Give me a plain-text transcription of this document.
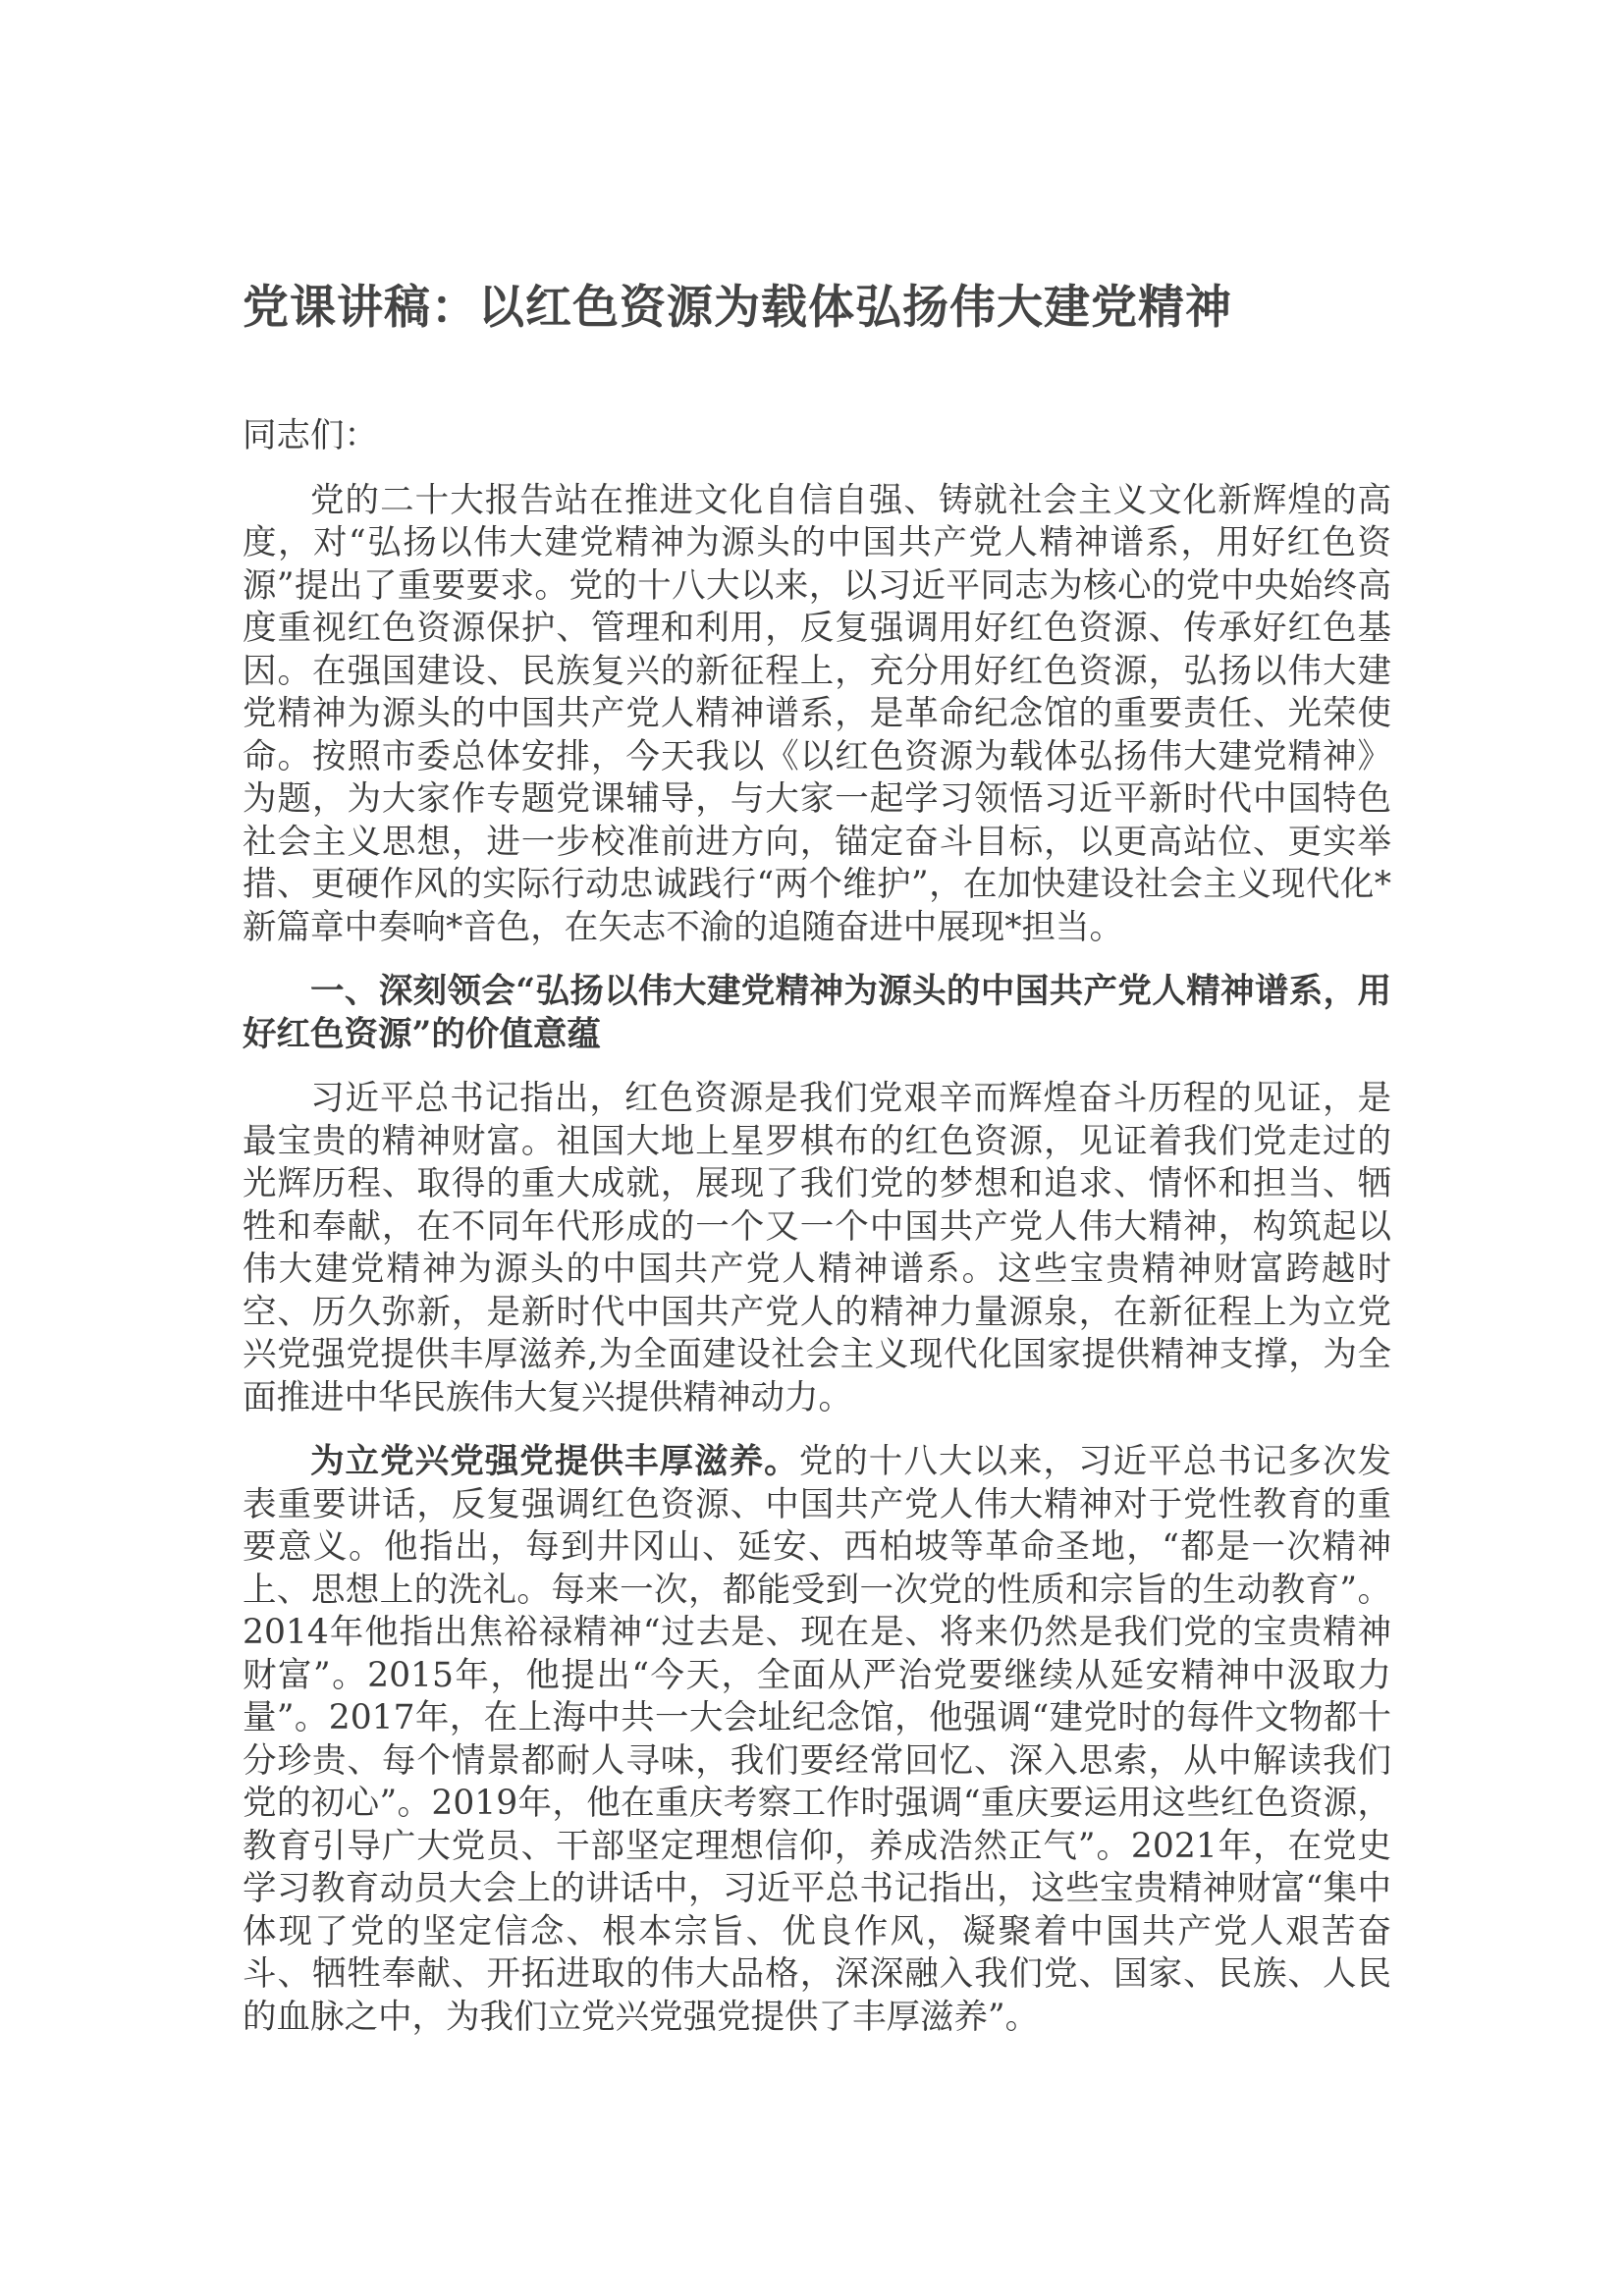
党课讲稿：以红色资源为载体弘扬伟大建党精神

同志们：

党的二十大报告站在推进文化自信自强、铸就社会主义文化新辉煌的高度，对“弘扬以伟大建党精神为源头的中国共产党人精神谱系，用好红色资源”提出了重要要求。党的十八大以来，以习近平同志为核心的党中央始终高度重视红色资源保护、管理和利用，反复强调用好红色资源、传承好红色基因。在强国建设、民族复兴的新征程上，充分用好红色资源，弘扬以伟大建党精神为源头的中国共产党人精神谱系，是革命纪念馆的重要责任、光荣使命。按照市委总体安排，今天我以《以红色资源为载体弘扬伟大建党精神》为题，为大家作专题党课辅导，与大家一起学习领悟习近平新时代中国特色社会主义思想，进一步校准前进方向，锚定奋斗目标，以更高站位、更实举措、更硬作风的实际行动忠诚践行“两个维护”，在加快建设社会主义现代化*新篇章中奏响*音色，在矢志不渝的追随奋进中展现*担当。

一、深刻领会“弘扬以伟大建党精神为源头的中国共产党人精神谱系，用好红色资源”的价值意蕴

习近平总书记指出，红色资源是我们党艰辛而辉煌奋斗历程的见证，是最宝贵的精神财富。祖国大地上星罗棋布的红色资源，见证着我们党走过的光辉历程、取得的重大成就，展现了我们党的梦想和追求、情怀和担当、牺牲和奉献，在不同年代形成的一个又一个中国共产党人伟大精神，构筑起以伟大建党精神为源头的中国共产党人精神谱系。这些宝贵精神财富跨越时空、历久弥新，是新时代中国共产党人的精神力量源泉，在新征程上为立党兴党强党提供丰厚滋养,为全面建设社会主义现代化国家提供精神支撑，为全面推进中华民族伟大复兴提供精神动力。

为立党兴党强党提供丰厚滋养。党的十八大以来，习近平总书记多次发表重要讲话，反复强调红色资源、中国共产党人伟大精神对于党性教育的重要意义。他指出，每到井冈山、延安、西柏坡等革命圣地，“都是一次精神上、思想上的洗礼。每来一次，都能受到一次党的性质和宗旨的生动教育”。2014年他指出焦裕禄精神“过去是、现在是、将来仍然是我们党的宝贵精神财富”。2015年，他提出“今天，全面从严治党要继续从延安精神中汲取力量”。2017年，在上海中共一大会址纪念馆，他强调“建党时的每件文物都十分珍贵、每个情景都耐人寻味，我们要经常回忆、深入思索，从中解读我们党的初心”。2019年，他在重庆考察工作时强调“重庆要运用这些红色资源，教育引导广大党员、干部坚定理想信仰，养成浩然正气”。2021年，在党史学习教育动员大会上的讲话中，习近平总书记指出，这些宝贵精神财富“集中体现了党的坚定信念、根本宗旨、优良作风，凝聚着中国共产党人艰苦奋斗、牺牲奉献、开拓进取的伟大品格，深深融入我们党、国家、民族、人民的血脉之中，为我们立党兴党强党提供了丰厚滋养”。
